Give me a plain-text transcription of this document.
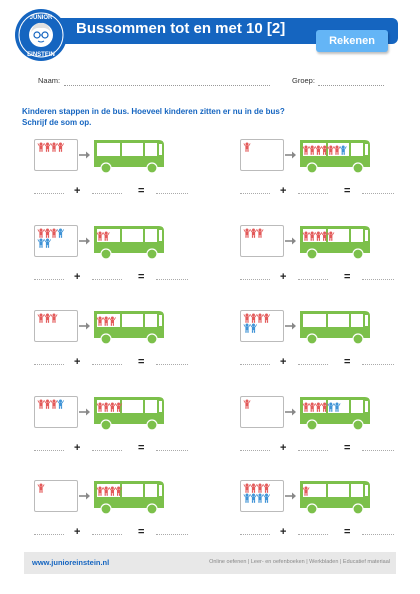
JUNIOR
EINSTEIN
Bussommen tot en met 10 [2]
Rekenen
Naam:	Groep:
Kinderen stappen in de bus. Hoeveel kinderen zitten er nu in de bus?
Schrijf de som op.
+	=	+	=
+	=	+	=
+	=	+	=
+	=	+	=
+	=	+	=
www.junioreinstein.nl	Online oefenen | Leer- en oefenboeken | Werkbladen | Educatief materiaal
